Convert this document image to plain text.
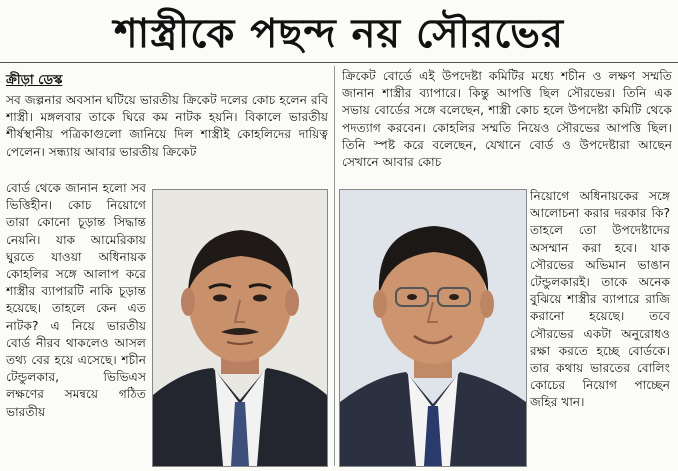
শাস্ত্রীকে পছন্দ নয় সৌরভের
ক্রীড়া ডেস্ক

সব জল্পনার অবসান ঘটিয়ে ভারতীয় ক্রিকেট দলের কোচ হলেন রবি শাস্ত্রী। মঙ্গলবার তাকে ঘিরে কম নাটক হয়নি। বিকালে ভারতীয় শীর্ষস্থানীয় পত্রিকাগুলো জানিয়ে দিল শাস্ত্রীই কোহলিদের দায়িত্ব পেলেন। সন্ধ্যায় আবার ভারতীয় ক্রিকেট

বোর্ড থেকে জানান হলো সব ভিত্তিহীন। কোচ নিয়োগে তারা কোনো চূড়ান্ত সিদ্ধান্ত নেয়নি। যাক আমেরিকায় ঘুরতে যাওয়া অধিনায়ক কোহলির সঙ্গে আলাপ করে শাস্ত্রীর ব্যাপারটি নাকি চূড়ান্ত হয়েছে। তাহলে কেন এত নাটক? এ নিয়ে ভারতীয় বোর্ড নীরব থাকলেও আসল তথ্য বের হয়ে এসেছে। শচীন টেন্ডুলকার, ভিভিএস লক্ষণের সমন্বয়ে গঠিত ভারতীয়

ক্রিকেট বোর্ডে এই উপদেষ্টা কমিটির মধ্যে শচীন ও লক্ষণ সম্মতি জানান শাস্ত্রীর ব্যাপারে। কিন্তু আপত্তি ছিল সৌরভের। তিনি এক সভায় বোর্ডের সঙ্গে বলেছেন, শাস্ত্রী কোচ হলে উপদেষ্টা কমিটি থেকে পদত্যাগ করবেন। কোহলির সম্মতি নিয়েও সৌরভের আপত্তি ছিল। তিনি স্পষ্ট করে বলেছেন, যেখানে বোর্ড ও উপদেষ্টারা আছেন সেখানে আবার কোচ

নিয়োগে অধিনায়কের সঙ্গে আলোচনা করার দরকার কি? তাহলে তো উপদেষ্টাদের অসম্মান করা হবে। যাক সৌরভের অভিমান ভাঙান টেন্ডুলকারই। তাকে অনেক বুঝিয়ে শাস্ত্রীর ব্যাপারে রাজি করানো হয়েছে। তবে সৌরভের একটা অনুরোধও রক্ষা করতে হচ্ছে বোর্ডকে। তার কথায় ভারতের বোলিং কোচের নিয়োগ পাচ্ছেন জহির খান।
